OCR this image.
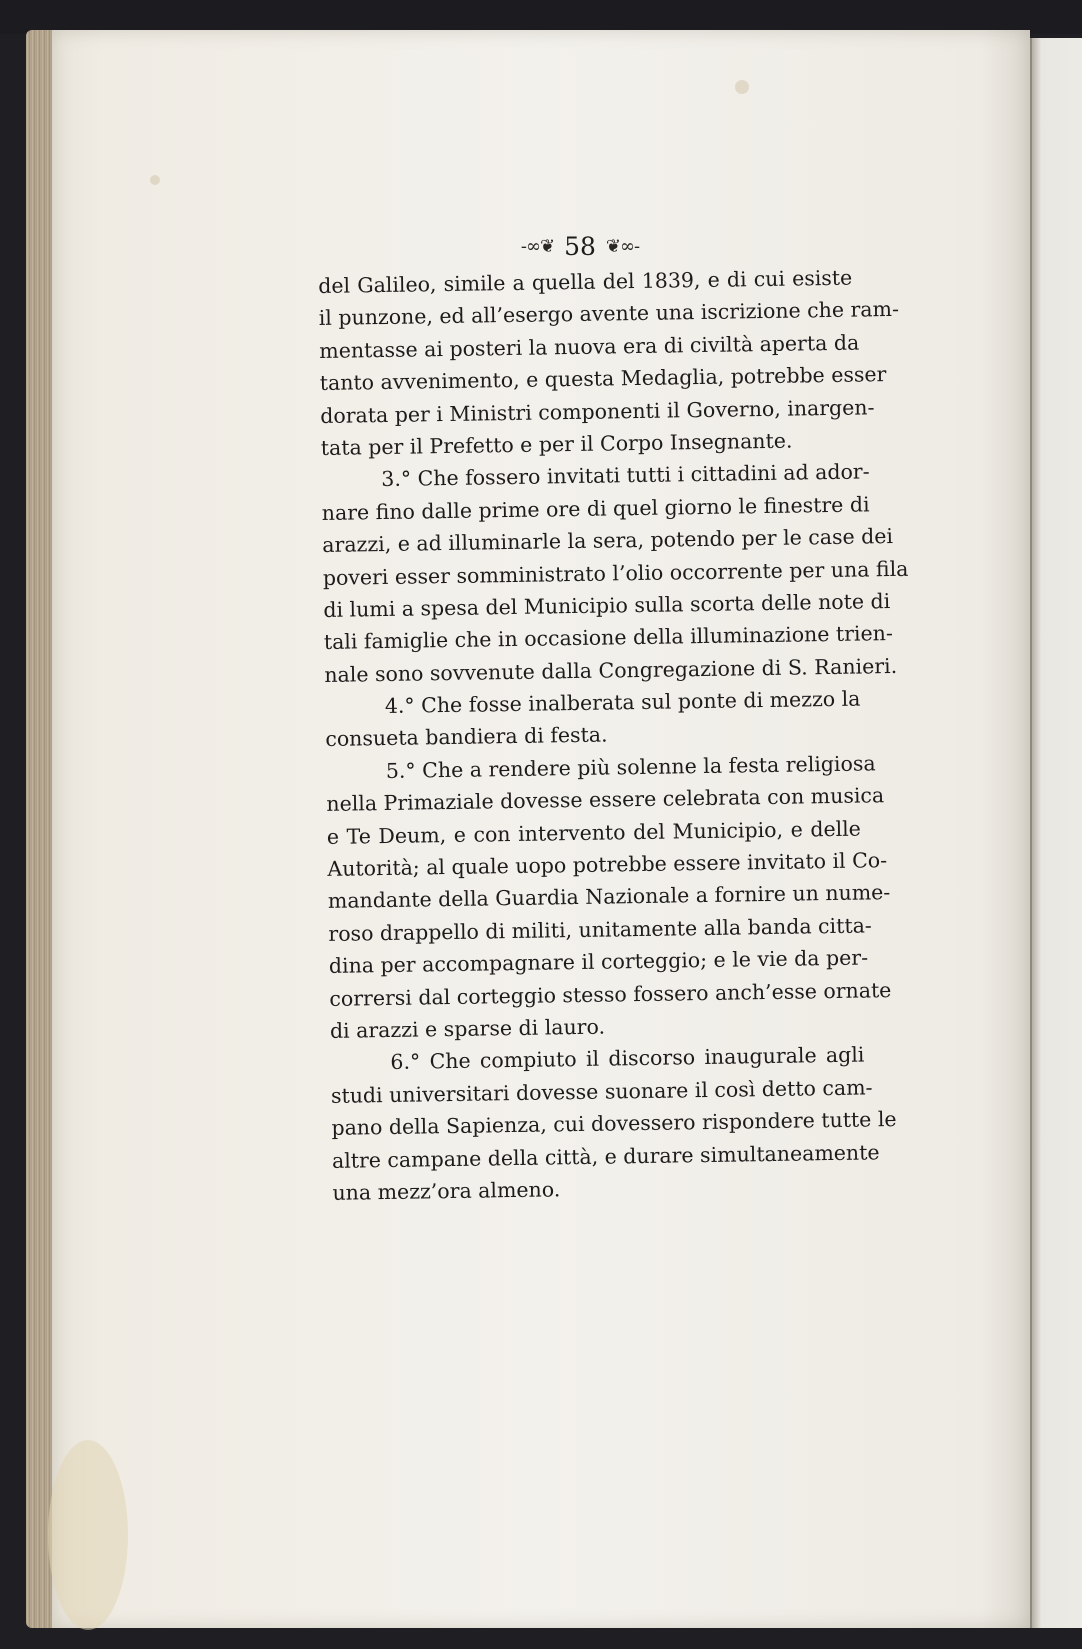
-∞❦ 58 ❦∞-
del Galileo, simile a quella del 1839, e di cui esiste
il punzone, ed all’esergo avente una iscrizione che ram-
mentasse ai posteri la nuova era di civiltà aperta da
tanto avvenimento, e questa Medaglia, potrebbe esser
dorata per i Ministri componenti il Governo, inargen-
tata per il Prefetto e per il Corpo Insegnante.
3.° Che fossero invitati tutti i cittadini ad ador-
nare fino dalle prime ore di quel giorno le finestre di
arazzi, e ad illuminarle la sera, potendo per le case dei
poveri esser somministrato l’olio occorrente per una fila
di lumi a spesa del Municipio sulla scorta delle note di
tali famiglie che in occasione della illuminazione trien-
nale sono sovvenute dalla Congregazione di S. Ranieri.
4.° Che fosse inalberata sul ponte di mezzo la
consueta bandiera di festa.
5.° Che a rendere più solenne la festa religiosa
nella Primaziale dovesse essere celebrata con musica
e Te Deum, e con intervento del Municipio, e delle
Autorità; al quale uopo potrebbe essere invitato il Co-
mandante della Guardia Nazionale a fornire un nume-
roso drappello di militi, unitamente alla banda citta-
dina per accompagnare il corteggio; e le vie da per-
corrersi dal corteggio stesso fossero anch’esse ornate
di arazzi e sparse di lauro.
6.° Che compiuto il discorso inaugurale agli
studi universitari dovesse suonare il così detto cam-
pano della Sapienza, cui dovessero rispondere tutte le
altre campane della città, e durare simultaneamente
una mezz’ora almeno.
